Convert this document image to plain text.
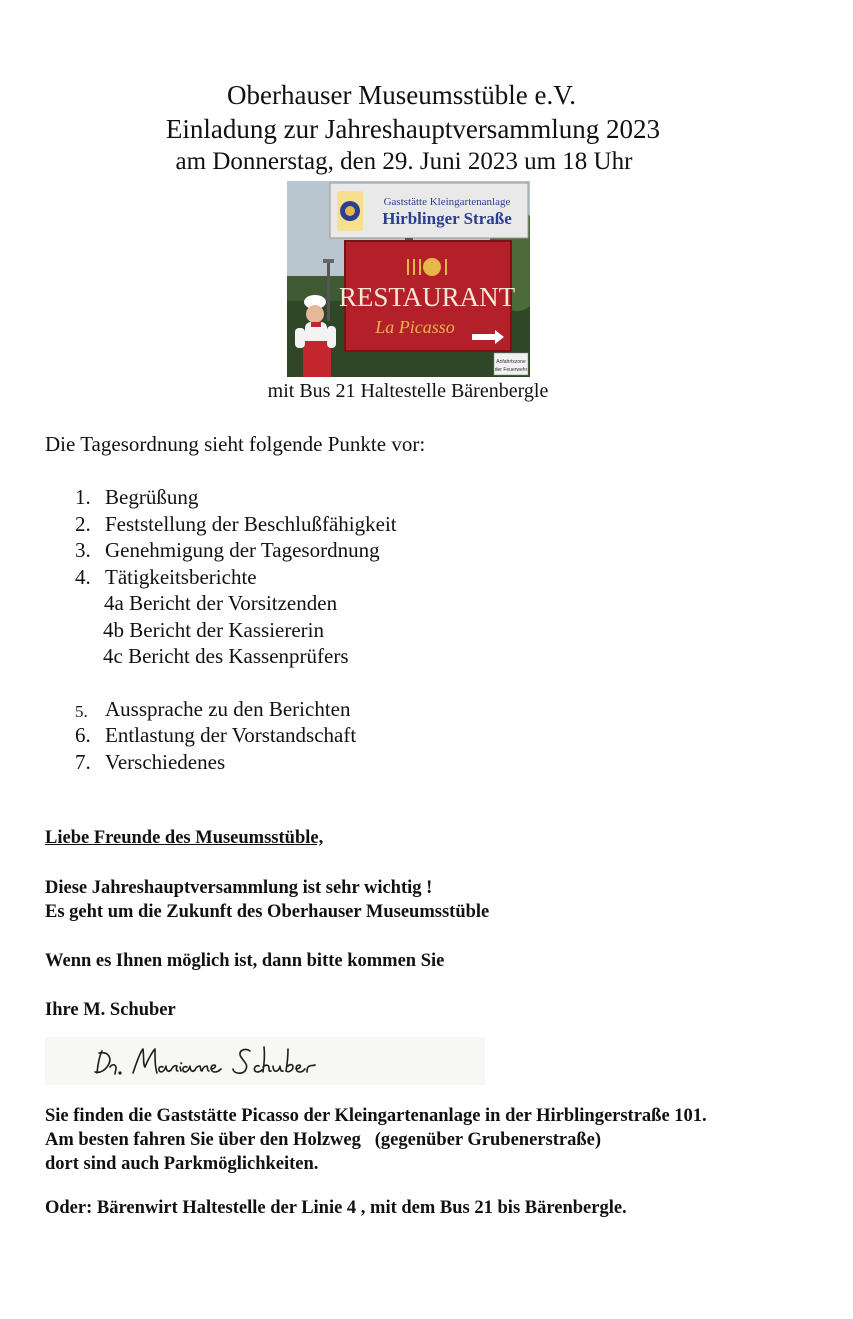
Oberhauser Museumsstüble e.V.
Einladung zur Jahreshauptversammlung 2023
am Donnerstag, den 29. Juni 2023 um 18 Uhr
Gaststätte Kleingartenanlage
Hirblinger Straße
RESTAURANT
La Picasso
Anfahrtszone
der Feuerwehr
mit Bus 21 Haltestelle Bärenbergle
Die Tagesordnung sieht folgende Punkte vor:
1. Begrüßung
2. Feststellung der Beschlußfähigkeit
3. Genehmigung der Tagesordnung
4. Tätigkeitsberichte
4a Bericht der Vorsitzenden
4b Bericht der Kassiererin
4c Bericht des Kassenprüfers
5. Aussprache zu den Berichten
6. Entlastung der Vorstandschaft
7. Verschiedenes
Liebe Freunde des Museumsstüble,
Diese Jahreshauptversammlung ist sehr wichtig !
Es geht um die Zukunft des Oberhauser Museumsstüble
Wenn es Ihnen möglich ist, dann bitte kommen Sie
Ihre M. Schuber
Sie finden die Gaststätte Picasso der Kleingartenanlage in der Hirblingerstraße 101.
Am besten fahren Sie über den Holzweg   (gegenüber Grubenerstraße)
dort sind auch Parkmöglichkeiten.
Oder: Bärenwirt Haltestelle der Linie 4 , mit dem Bus 21 bis Bärenbergle.
